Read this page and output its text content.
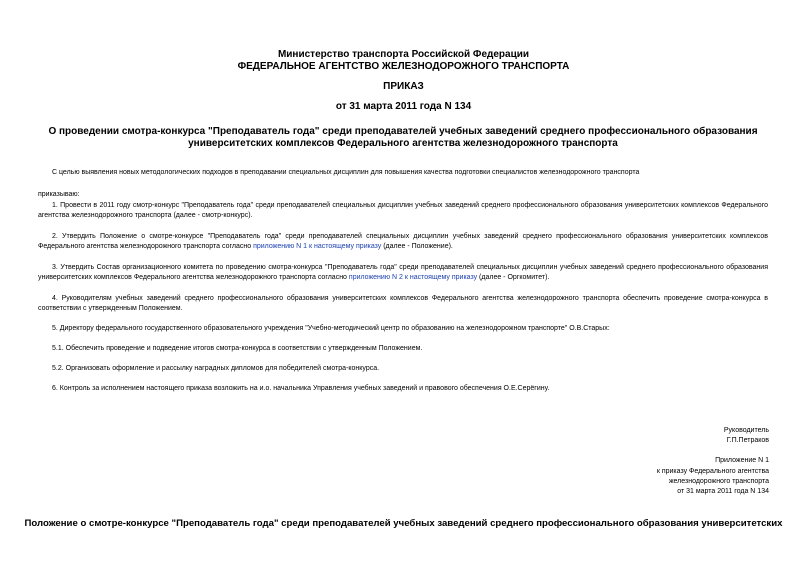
Министерство транспорта Российской Федерации
ФЕДЕРАЛЬНОЕ АГЕНТСТВО ЖЕЛЕЗНОДОРОЖНОГО ТРАНСПОРТА
ПРИКАЗ
от 31 марта 2011 года N 134
О проведении смотра-конкурса "Преподаватель года" среди преподавателей учебных заведений среднего профессионального образования университетских комплексов Федерального агентства железнодорожного транспорта
С целью выявления новых методологических подходов в преподавании специальных дисциплин для повышения качества подготовки специалистов железнодорожного транспорта
приказываю:
1. Провести в 2011 году смотр-конкурс "Преподаватель года" среди преподавателей специальных дисциплин учебных заведений среднего профессионального образования университетских комплексов Федерального агентства железнодорожного транспорта (далее - смотр-конкурс).
2. Утвердить Положение о смотре-конкурсе "Преподаватель года" среди преподавателей специальных дисциплин учебных заведений среднего профессионального образования университетских комплексов Федерального агентства железнодорожного транспорта согласно приложению N 1 к настоящему приказу (далее - Положение).
3. Утвердить Состав организационного комитета по проведению смотра-конкурса "Преподаватель года" среди преподавателей специальных дисциплин учебных заведений среднего профессионального образования университетских комплексов Федерального агентства железнодорожного транспорта согласно приложению N 2 к настоящему приказу (далее - Оргкомитет).
4. Руководителям учебных заведений среднего профессионального образования университетских комплексов Федерального агентства железнодорожного транспорта обеспечить проведение смотра-конкурса в соответствии с утвержденным Положением.
5. Директору федерального государственного образовательного учреждения "Учебно-методический центр по образованию на железнодорожном транспорте" О.В.Старых:
5.1. Обеспечить проведение и подведение итогов смотра-конкурса в соответствии с утвержденным Положением.
5.2. Организовать оформление и рассылку наградных дипломов для победителей смотра-конкурса.
6. Контроль за исполнением настоящего приказа возложить на и.о. начальника Управления учебных заведений и правового обеспечения О.Е.Серёгину.
Руководитель
Г.П.Петраков
Приложение N 1
к приказу Федерального агентства
железнодорожного транспорта
от 31 марта 2011 года N 134
Положение о смотре-конкурсе "Преподаватель года" среди преподавателей учебных заведений среднего профессионального образования университетских
